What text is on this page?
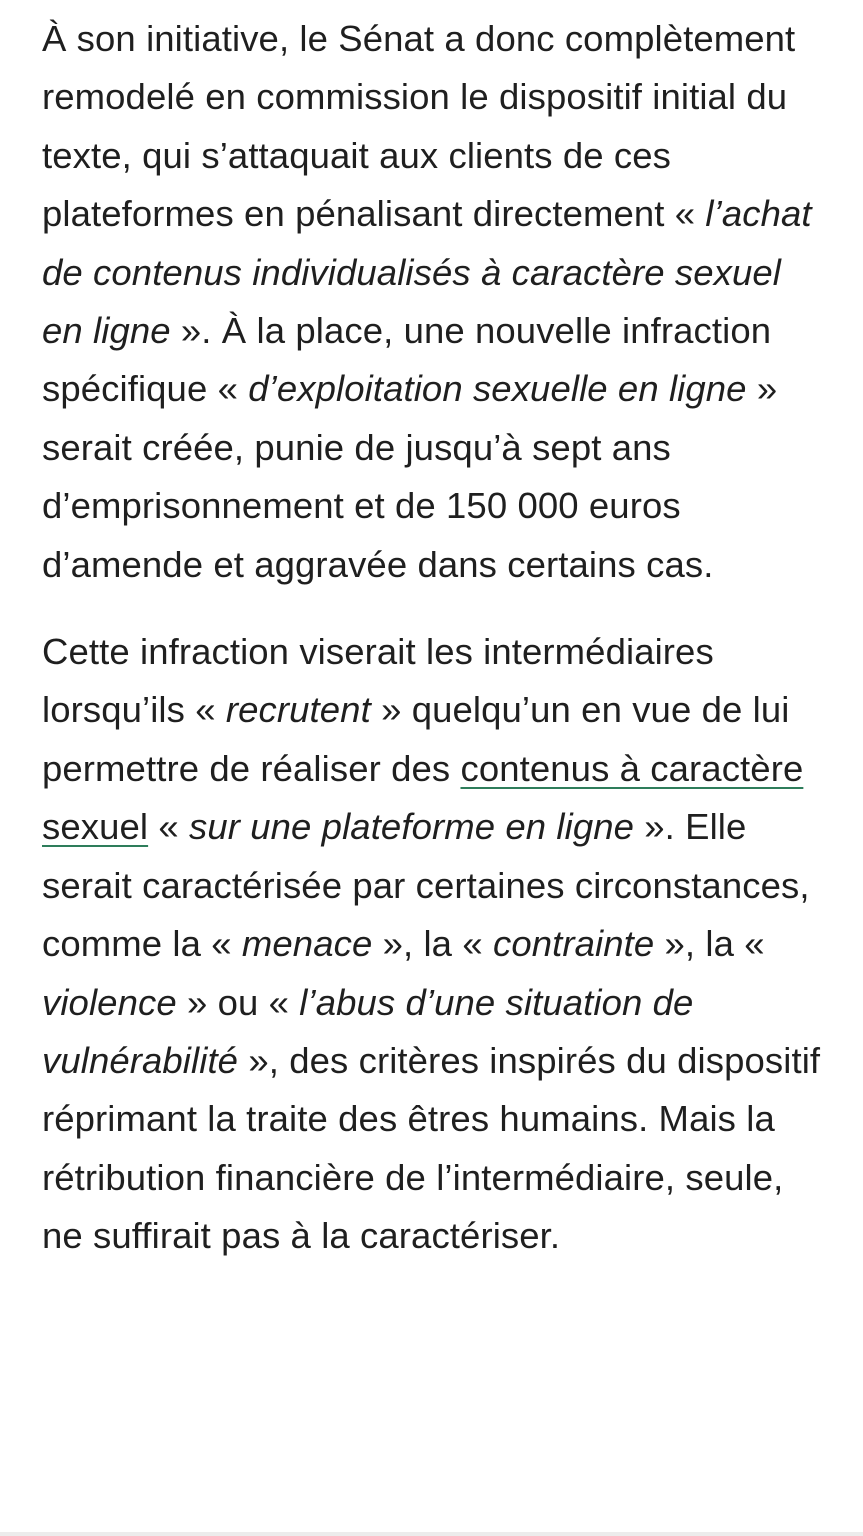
À son initiative, le Sénat a donc complètement remodelé en commission le dispositif initial du texte, qui s’attaquait aux clients de ces plateformes en pénalisant directement « l’achat de contenus individualisés à caractère sexuel en ligne ». À la place, une nouvelle infraction spécifique « d’exploitation sexuelle en ligne » serait créée, punie de jusqu’à sept ans d’emprisonnement et de 150 000 euros d’amende et aggravée dans certains cas.

Cette infraction viserait les intermédiaires lorsqu’ils « recrutent » quelqu’un en vue de lui permettre de réaliser des contenus à caractère sexuel « sur une plateforme en ligne ». Elle serait caractérisée par certaines circonstances, comme la « menace », la « contrainte », la « violence » ou « l’abus d’une situation de vulnérabilité », des critères inspirés du dispositif réprimant la traite des êtres humains. Mais la rétribution financière de l’intermédiaire, seule, ne suffirait pas à la caractériser.
